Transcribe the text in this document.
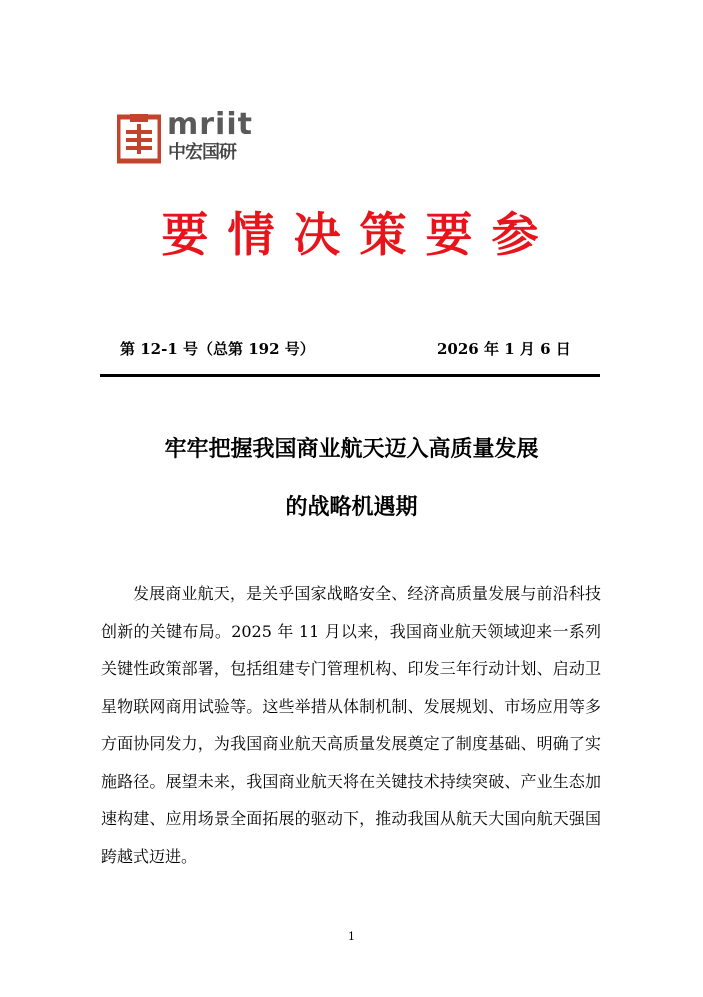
mriit
中宏国研
要情决策要参
第 12-1 号（总第 192 号）	2026 年 1 月 6 日
牢牢把握我国商业航天迈入高质量发展
的战略机遇期

发展商业航天，是关乎国家战略安全、经济高质量发展与前沿科技创新的关键布局。2025 年 11 月以来，我国商业航天领域迎来一系列关键性政策部署，包括组建专门管理机构、印发三年行动计划、启动卫星物联网商用试验等。这些举措从体制机制、发展规划、市场应用等多方面协同发力，为我国商业航天高质量发展奠定了制度基础、明确了实施路径。展望未来，我国商业航天将在关键技术持续突破、产业生态加速构建、应用场景全面拓展的驱动下，推动我国从航天大国向航天强国跨越式迈进。

1
